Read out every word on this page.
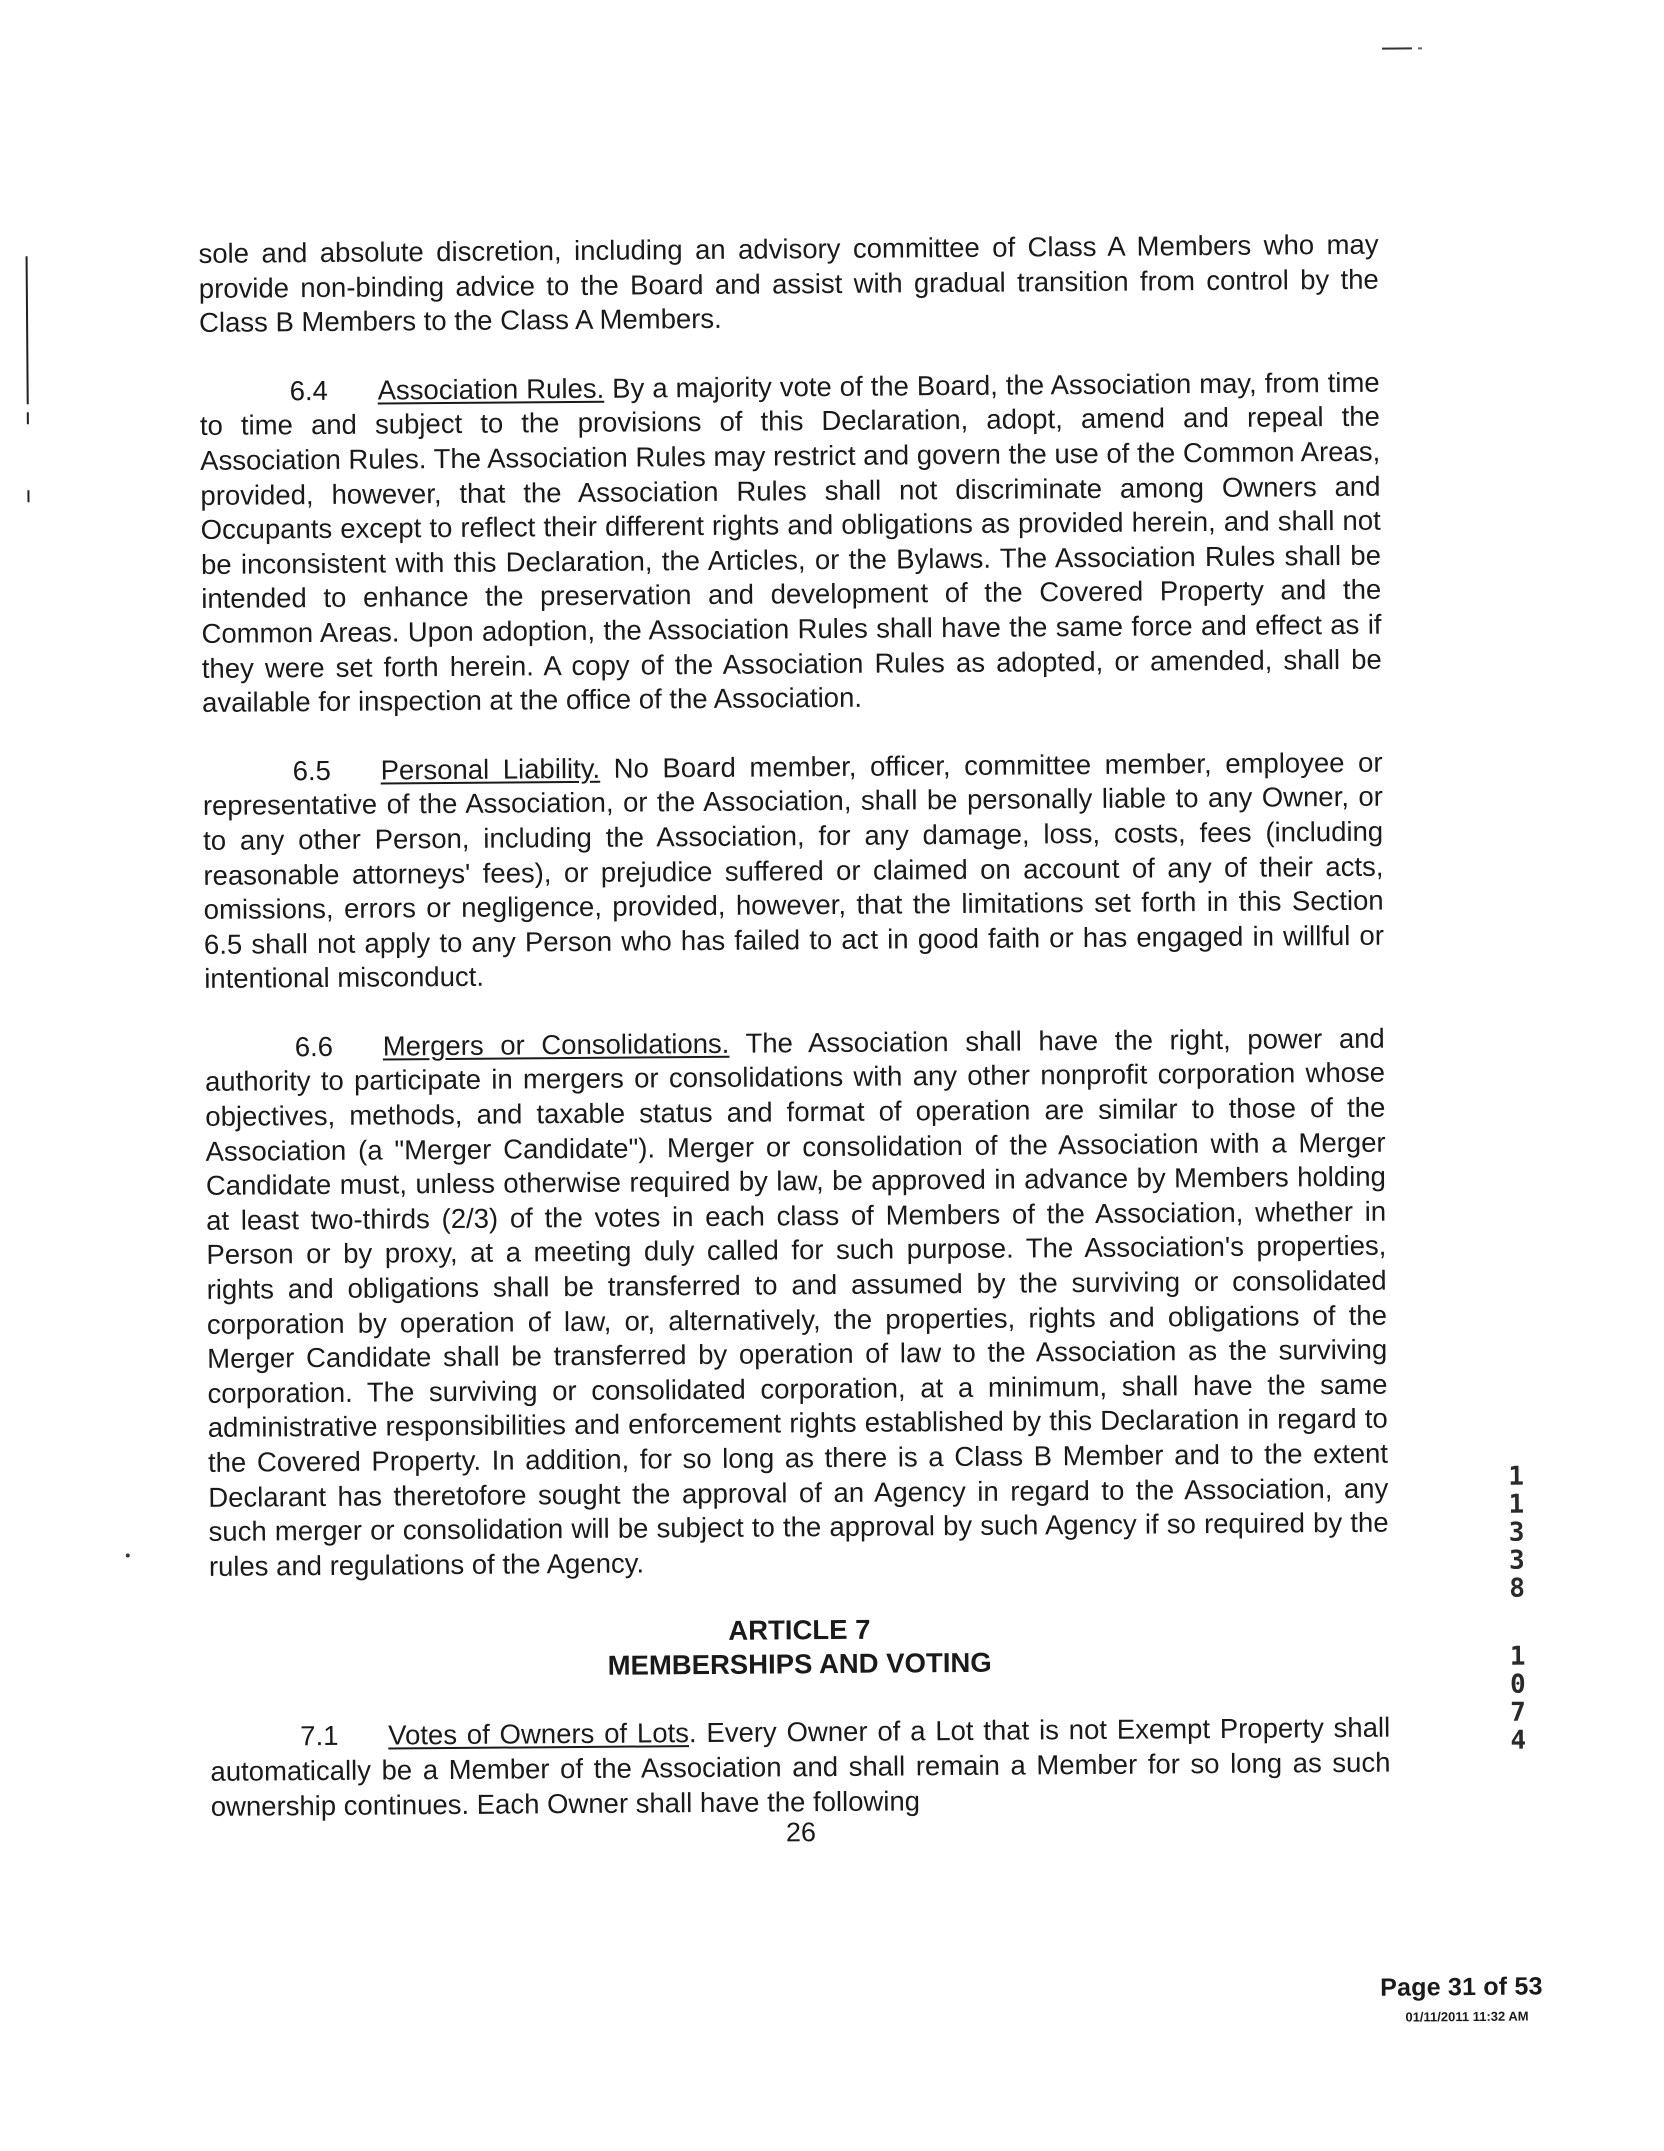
sole and absolute discretion, including an advisory committee of Class A Members who may provide non-binding advice to the Board and assist with gradual transition from control by the Class B Members to the Class A Members.

6.4 Association Rules. By a majority vote of the Board, the Association may, from time to time and subject to the provisions of this Declaration, adopt, amend and repeal the Association Rules. The Association Rules may restrict and govern the use of the Common Areas, provided, however, that the Association Rules shall not discriminate among Owners and Occupants except to reflect their different rights and obligations as provided herein, and shall not be inconsistent with this Declaration, the Articles, or the Bylaws. The Association Rules shall be intended to enhance the preservation and development of the Covered Property and the Common Areas. Upon adoption, the Association Rules shall have the same force and effect as if they were set forth herein. A copy of the Association Rules as adopted, or amended, shall be available for inspection at the office of the Association.

6.5 Personal Liability. No Board member, officer, committee member, employee or representative of the Association, or the Association, shall be personally liable to any Owner, or to any other Person, including the Association, for any damage, loss, costs, fees (including reasonable attorneys' fees), or prejudice suffered or claimed on account of any of their acts, omissions, errors or negligence, provided, however, that the limitations set forth in this Section 6.5 shall not apply to any Person who has failed to act in good faith or has engaged in willful or intentional misconduct.

6.6 Mergers or Consolidations. The Association shall have the right, power and authority to participate in mergers or consolidations with any other nonprofit corporation whose objectives, methods, and taxable status and format of operation are similar to those of the Association (a "Merger Candidate"). Merger or consolidation of the Association with a Merger Candidate must, unless otherwise required by law, be approved in advance by Members holding at least two-thirds (2/3) of the votes in each class of Members of the Association, whether in Person or by proxy, at a meeting duly called for such purpose. The Association's properties, rights and obligations shall be transferred to and assumed by the surviving or consolidated corporation by operation of law, or, alternatively, the properties, rights and obligations of the Merger Candidate shall be transferred by operation of law to the Association as the surviving corporation. The surviving or consolidated corporation, at a minimum, shall have the same administrative responsibilities and enforcement rights established by this Declaration in regard to the Covered Property. In addition, for so long as there is a Class B Member and to the extent Declarant has theretofore sought the approval of an Agency in regard to the Association, any such merger or consolidation will be subject to the approval by such Agency if so required by the rules and regulations of the Agency.

ARTICLE 7
MEMBERSHIPS AND VOTING

7.1 Votes of Owners of Lots. Every Owner of a Lot that is not Exempt Property shall automatically be a Member of the Association and shall remain a Member for so long as such ownership continues. Each Owner shall have the following

26
1
1
3
3
8
1
0
7
4
Page 31 of 53
01/11/2011 11:32 AM
